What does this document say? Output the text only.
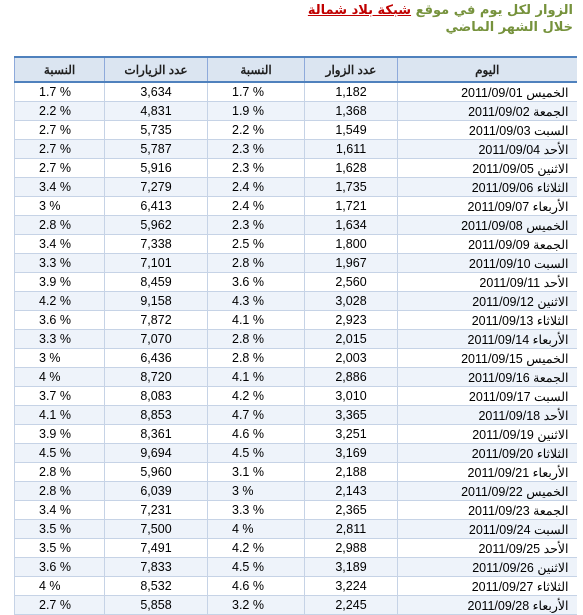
الزوار لكل يوم في موقع شبكة بلاد شمالة
خلال الشهر الماضي
النسبة	عدد الزيارات	النسبة	عدد الزوار	اليوم
1.7 %	3,634	1.7 %	1,182	الخميس 2011/09/01
2.2 %	4,831	1.9 %	1,368	الجمعة 2011/09/02
2.7 %	5,735	2.2 %	1,549	السبت 2011/09/03
2.7 %	5,787	2.3 %	1,611	الأحد 2011/09/04
2.7 %	5,916	2.3 %	1,628	الاثنين 2011/09/05
3.4 %	7,279	2.4 %	1,735	الثلاثاء 2011/09/06
3 %	6,413	2.4 %	1,721	الأربعاء 2011/09/07
2.8 %	5,962	2.3 %	1,634	الخميس 2011/09/08
3.4 %	7,338	2.5 %	1,800	الجمعة 2011/09/09
3.3 %	7,101	2.8 %	1,967	السبت 2011/09/10
3.9 %	8,459	3.6 %	2,560	الأحد 2011/09/11
4.2 %	9,158	4.3 %	3,028	الاثنين 2011/09/12
3.6 %	7,872	4.1 %	2,923	الثلاثاء 2011/09/13
3.3 %	7,070	2.8 %	2,015	الأربعاء 2011/09/14
3 %	6,436	2.8 %	2,003	الخميس 2011/09/15
4 %	8,720	4.1 %	2,886	الجمعة 2011/09/16
3.7 %	8,083	4.2 %	3,010	السبت 2011/09/17
4.1 %	8,853	4.7 %	3,365	الأحد 2011/09/18
3.9 %	8,361	4.6 %	3,251	الاثنين 2011/09/19
4.5 %	9,694	4.5 %	3,169	الثلاثاء 2011/09/20
2.8 %	5,960	3.1 %	2,188	الأربعاء 2011/09/21
2.8 %	6,039	3 %	2,143	الخميس 2011/09/22
3.4 %	7,231	3.3 %	2,365	الجمعة 2011/09/23
3.5 %	7,500	4 %	2,811	السبت 2011/09/24
3.5 %	7,491	4.2 %	2,988	الأحد 2011/09/25
3.6 %	7,833	4.5 %	3,189	الاثنين 2011/09/26
4 %	8,532	4.6 %	3,224	الثلاثاء 2011/09/27
2.7 %	5,858	3.2 %	2,245	الأربعاء 2011/09/28
